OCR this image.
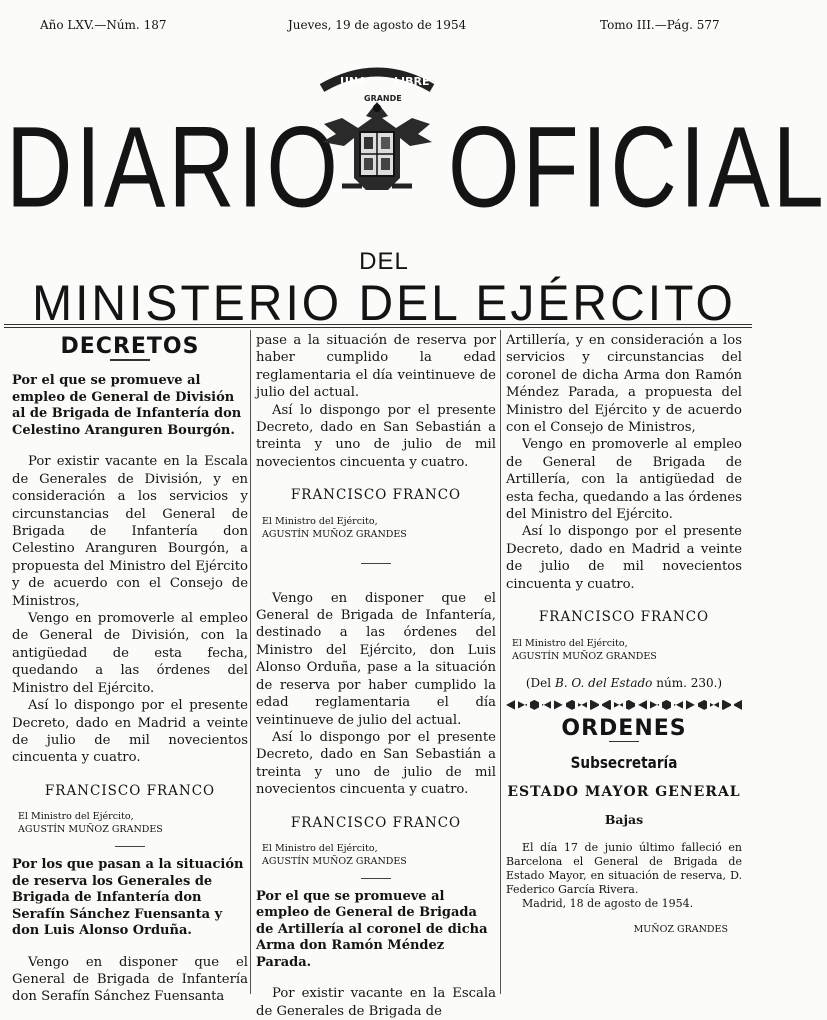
Año LXV.—Núm. 187	Jueves, 19 de agosto de 1954	Tomo III.—Pág. 577
DIARIO OFICIAL
UNA
GRANDE
LIBRE
DEL
MINISTERIO DEL EJÉRCITO
DECRETOS

Por el que se promueve al empleo de General de División al de Brigada de Infantería don Celestino Aranguren Bourgón.

Por existir vacante en la Escala de Generales de División, y en consideración a los servicios y circunstancias del General de Brigada de Infantería don Celestino Aranguren Bourgón, a propuesta del Ministro del Ejército y de acuerdo con el Consejo de Ministros,

Vengo en promoverle al empleo de General de División, con la antigüedad de esta fecha, quedando a las órdenes del Ministro del Ejército.

Así lo dispongo por el presente Decreto, dado en Madrid a veinte de julio de mil novecientos cincuenta y cuatro.

FRANCISCO FRANCO
El Ministro del Ejército,
AGUSTÍN MUÑOZ GRANDES

Por los que pasan a la situación de reserva los Generales de Brigada de Infantería don Serafín Sánchez Fuensanta y don Luis Alonso Orduña.

Vengo en disponer que el General de Brigada de Infantería don Serafín Sánchez Fuensanta

pase a la situación de reserva por haber cumplido la edad reglamentaria el día veintinueve de julio del actual.

Así lo dispongo por el presente Decreto, dado en San Sebastián a treinta y uno de julio de mil novecientos cincuenta y cuatro.

FRANCISCO FRANCO
El Ministro del Ejército,
AGUSTÍN MUÑOZ GRANDES

Vengo en disponer que el General de Brigada de Infantería, destinado a las órdenes del Ministro del Ejército, don Luis Alonso Orduña, pase a la situación de reserva por haber cumplido la edad reglamentaria el día veintinueve de julio del actual.

Así lo dispongo por el presente Decreto, dado en San Sebastián a treinta y uno de julio de mil novecientos cincuenta y cuatro.

FRANCISCO FRANCO
El Ministro del Ejército,
AGUSTÍN MUÑOZ GRANDES

Por el que se promueve al empleo de General de Brigada de Artillería al coronel de dicha Arma don Ramón Méndez Parada.

Por existir vacante en la Escala de Generales de Brigada de

Artillería, y en consideración a los servicios y circunstancias del coronel de dicha Arma don Ramón Méndez Parada, a propuesta del Ministro del Ejército y de acuerdo con el Consejo de Ministros,

Vengo en promoverle al empleo de General de Brigada de Artillería, con la antigüedad de esta fecha, quedando a las órdenes del Ministro del Ejército.

Así lo dispongo por el presente Decreto, dado en Madrid a veinte de julio de mil novecientos cincuenta y cuatro.

FRANCISCO FRANCO
El Ministro del Ejército,
AGUSTÍN MUÑOZ GRANDES
(Del B. O. del Estado núm. 230.)
ORDENES
Subsecretaría
ESTADO MAYOR GENERAL
Bajas

El día 17 de junio último falleció en Barcelona el General de Brigada de Estado Mayor, en situación de reserva, D. Federico García Rivera.

Madrid, 18 de agosto de 1954.

MUÑOZ GRANDES
